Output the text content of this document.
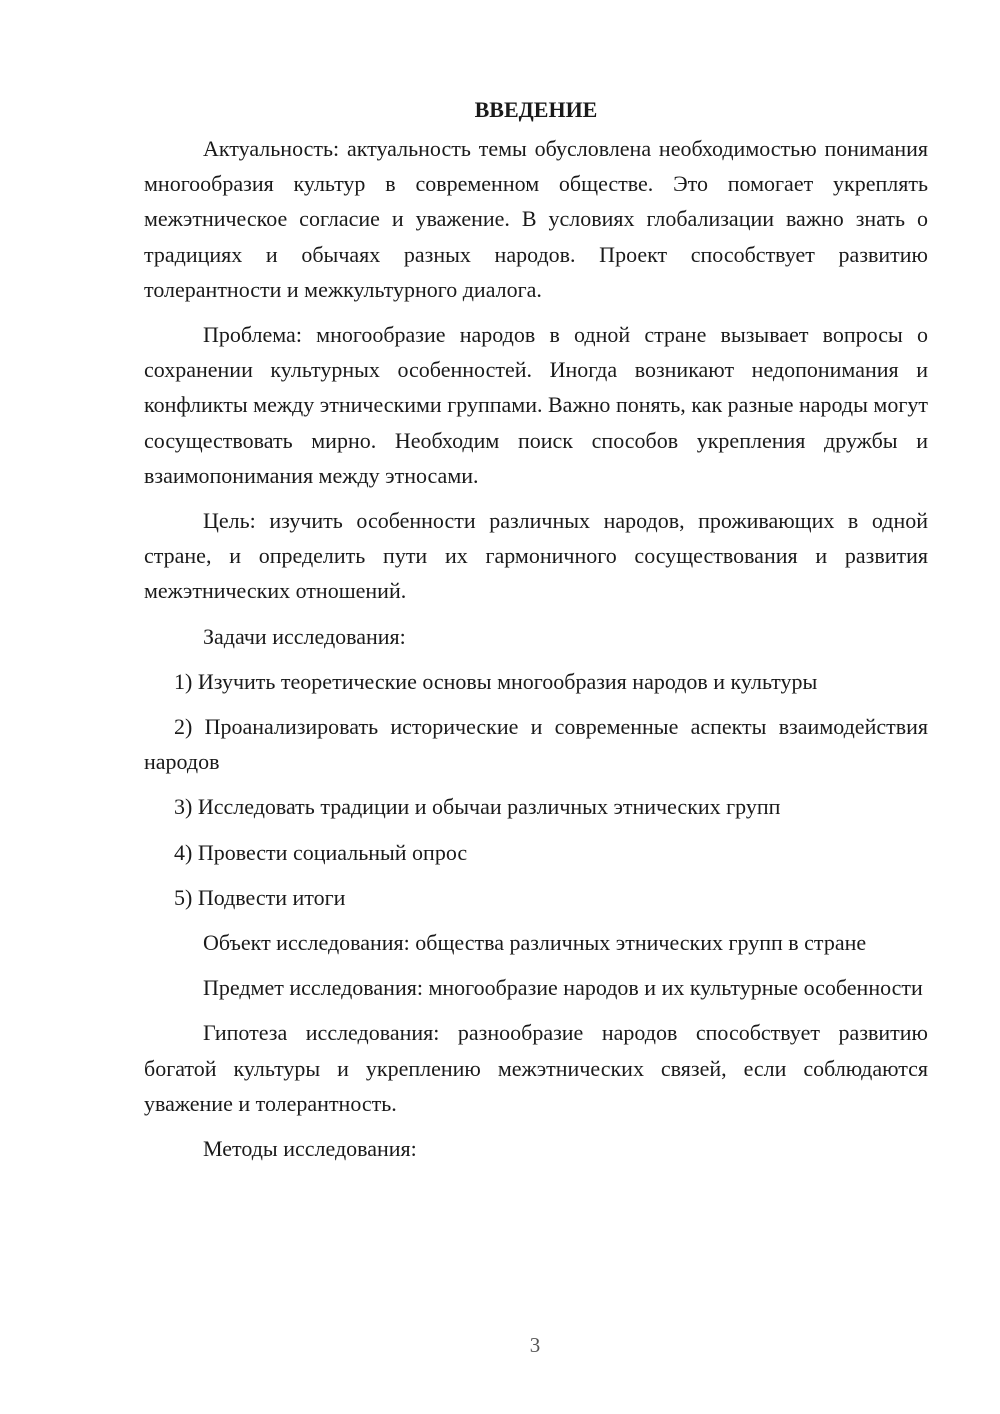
ВВЕДЕНИЕ

Актуальность: актуальность темы обусловлена необходимостью понимания многообразия культур в современном обществе. Это помогает укреплять межэтническое согласие и уважение. В условиях глобализации важно знать о традициях и обычаях разных народов. Проект способствует развитию толерантности и межкультурного диалога.

Проблема: многообразие народов в одной стране вызывает вопросы о сохранении культурных особенностей. Иногда возникают недопонимания и конфликты между этническими группами. Важно понять, как разные народы могут сосуществовать мирно. Необходим поиск способов укрепления дружбы и взаимопонимания между этносами.

Цель: изучить особенности различных народов, проживающих в одной стране, и определить пути их гармоничного сосуществования и развития межэтнических отношений.

Задачи исследования:

1) Изучить теоретические основы многообразия народов и культуры

2) Проанализировать исторические и современные аспекты взаимодействия народов

3) Исследовать традиции и обычаи различных этнических групп

4) Провести социальный опрос

5) Подвести итоги

Объект исследования: общества различных этнических групп в стране

Предмет исследования: многообразие народов и их культурные особенности

Гипотеза исследования: разнообразие народов способствует развитию богатой культуры и укреплению межэтнических связей, если соблюдаются уважение и толерантность.

Методы исследования:

3
